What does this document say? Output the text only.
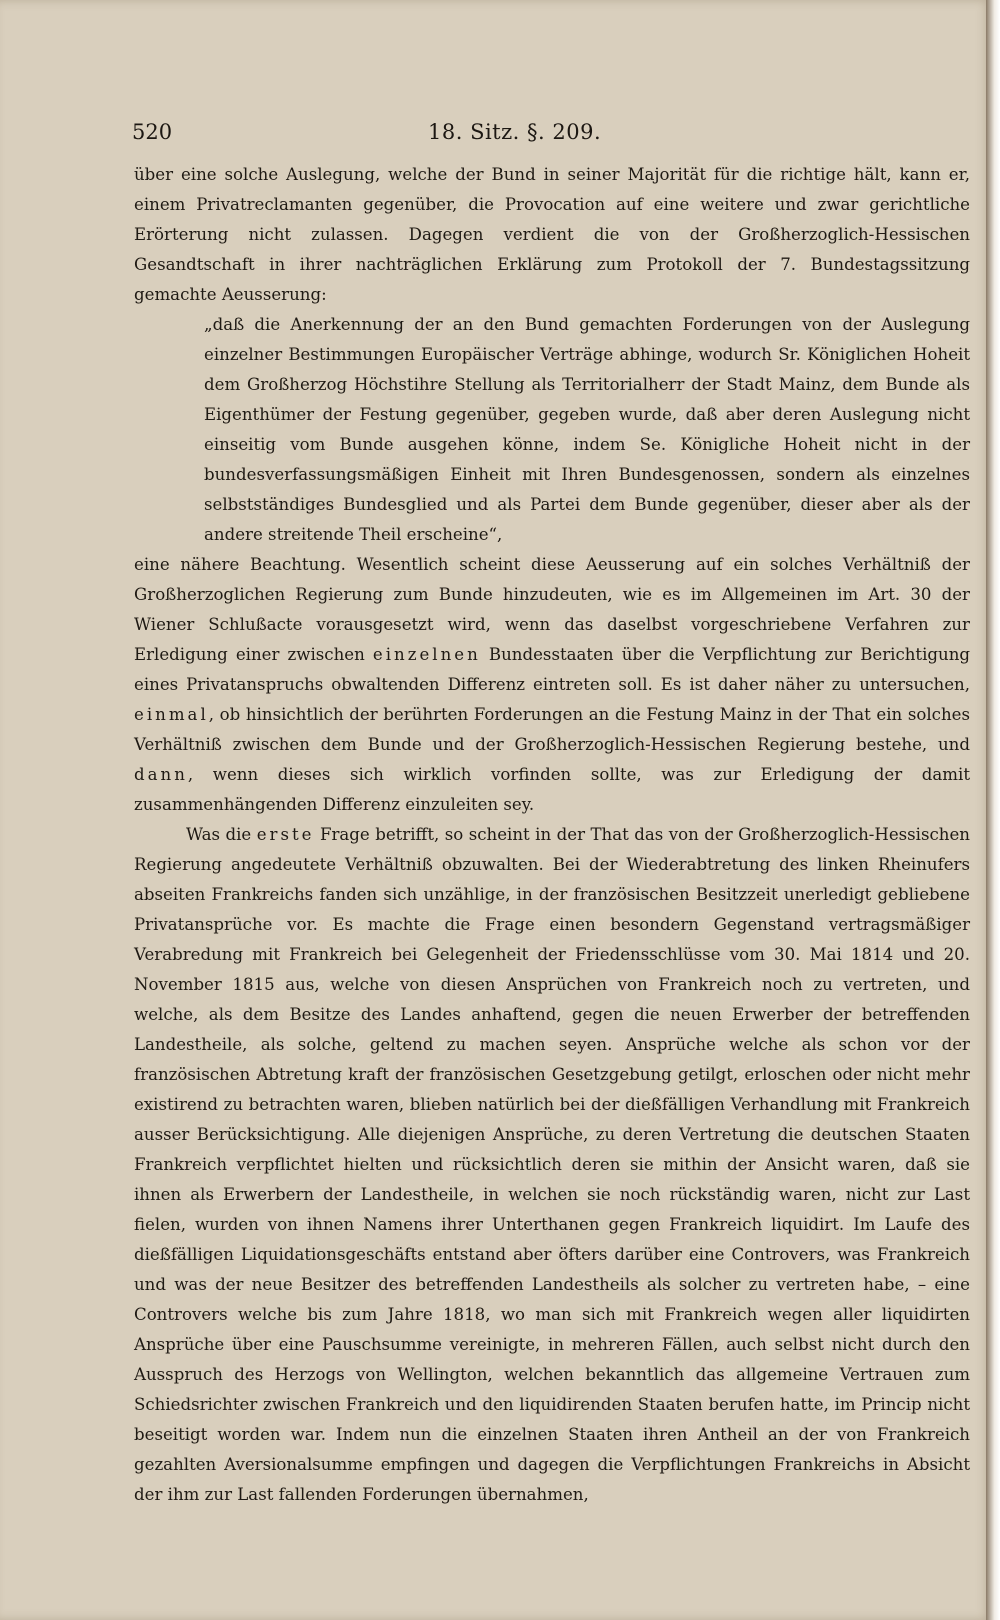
520	18. Sitz. §. 209.

über eine solche Auslegung, welche der Bund in seiner Majorität für die richtige hält, kann er, einem Privatreclamanten gegenüber, die Provocation auf eine weitere und zwar gerichtliche Erörterung nicht zulassen. Dagegen verdient die von der Großherzoglich-Hessischen Gesandtschaft in ihrer nachträglichen Erklärung zum Protokoll der 7. Bundestagssitzung gemachte Aeusserung:

„daß die Anerkennung der an den Bund gemachten Forderungen von der Auslegung einzelner Bestimmungen Europäischer Verträge abhinge, wodurch Sr. Königlichen Hoheit dem Großherzog Höchstihre Stellung als Territorialherr der Stadt Mainz, dem Bunde als Eigenthümer der Festung gegenüber, gegeben wurde, daß aber deren Auslegung nicht einseitig vom Bunde ausgehen könne, indem Se. Königliche Hoheit nicht in der bundesverfassungsmäßigen Einheit mit Ihren Bundesgenossen, sondern als einzelnes selbstständiges Bundesglied und als Partei dem Bunde gegenüber, dieser aber als der andere streitende Theil erscheine“,

eine nähere Beachtung. Wesentlich scheint diese Aeusserung auf ein solches Verhältniß der Großherzoglichen Regierung zum Bunde hinzudeuten, wie es im Allgemeinen im Art. 30 der Wiener Schlußacte vorausgesetzt wird, wenn das daselbst vorgeschriebene Verfahren zur Erledigung einer zwischen einzelnen Bundesstaaten über die Verpflichtung zur Berichtigung eines Privatanspruchs obwaltenden Differenz eintreten soll. Es ist daher näher zu untersuchen, einmal, ob hinsichtlich der berührten Forderungen an die Festung Mainz in der That ein solches Verhältniß zwischen dem Bunde und der Großherzoglich-Hessischen Regierung bestehe, und dann, wenn dieses sich wirklich vorfinden sollte, was zur Erledigung der damit zusammenhängenden Differenz einzuleiten sey.

Was die erste Frage betrifft, so scheint in der That das von der Großherzoglich-Hessischen Regierung angedeutete Verhältniß obzuwalten. Bei der Wiederabtretung des linken Rheinufers abseiten Frankreichs fanden sich unzählige, in der französischen Besitzzeit unerledigt gebliebene Privatansprüche vor. Es machte die Frage einen besondern Gegenstand vertragsmäßiger Verabredung mit Frankreich bei Gelegenheit der Friedensschlüsse vom 30. Mai 1814 und 20. November 1815 aus, welche von diesen Ansprüchen von Frankreich noch zu vertreten, und welche, als dem Besitze des Landes anhaftend, gegen die neuen Erwerber der betreffenden Landestheile, als solche, geltend zu machen seyen. Ansprüche welche als schon vor der französischen Abtretung kraft der französischen Gesetzgebung getilgt, erloschen oder nicht mehr existirend zu betrachten waren, blieben natürlich bei der dießfälligen Verhandlung mit Frankreich ausser Berücksichtigung. Alle diejenigen Ansprüche, zu deren Vertretung die deutschen Staaten Frankreich verpflichtet hielten und rücksichtlich deren sie mithin der Ansicht waren, daß sie ihnen als Erwerbern der Landestheile, in welchen sie noch rückständig waren, nicht zur Last fielen, wurden von ihnen Namens ihrer Unterthanen gegen Frankreich liquidirt. Im Laufe des dießfälligen Liquidationsgeschäfts entstand aber öfters darüber eine Controvers, was Frankreich und was der neue Besitzer des betreffenden Landestheils als solcher zu vertreten habe, – eine Controvers welche bis zum Jahre 1818, wo man sich mit Frankreich wegen aller liquidirten Ansprüche über eine Pauschsumme vereinigte, in mehreren Fällen, auch selbst nicht durch den Ausspruch des Herzogs von Wellington, welchen bekanntlich das allgemeine Vertrauen zum Schiedsrichter zwischen Frankreich und den liquidirenden Staaten berufen hatte, im Princip nicht beseitigt worden war. Indem nun die einzelnen Staaten ihren Antheil an der von Frankreich gezahlten Aversionalsumme empfingen und dagegen die Verpflichtungen Frankreichs in Absicht der ihm zur Last fallenden Forderungen übernahmen,
